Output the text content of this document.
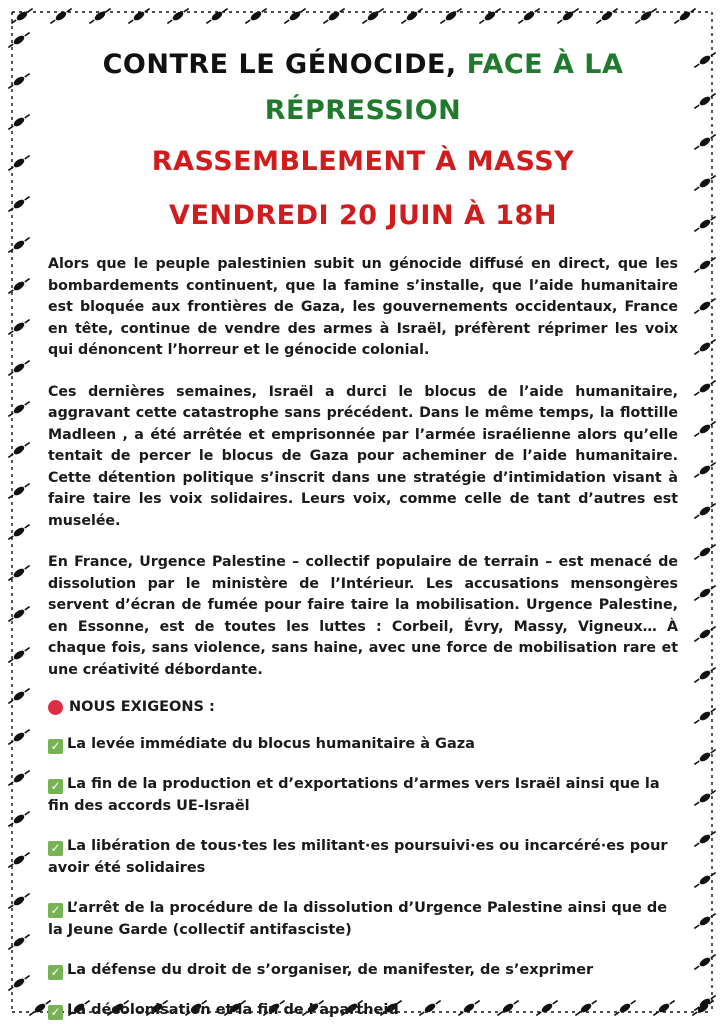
CONTRE LE GÉNOCIDE, FACE À LA RÉPRESSION

RASSEMBLEMENT À MASSY

VENDREDI 20 JUIN À 18H

Alors que le peuple palestinien subit un génocide diffusé en direct, que les bombardements continuent, que la famine s’installe, que l’aide humanitaire est bloquée aux frontières de Gaza, les gouvernements occidentaux, France en tête, continue de vendre des armes à Israël, préfèrent réprimer les voix qui dénoncent l’horreur et le génocide colonial.

Ces dernières semaines, Israël a durci le blocus de l’aide humanitaire, aggravant cette catastrophe sans précédent. Dans le même temps, la flottille Madleen , a été arrêtée et emprisonnée par l’armée israélienne alors qu’elle tentait de percer le blocus de Gaza pour acheminer de l’aide humanitaire. Cette détention politique s’inscrit dans une stratégie d’intimidation visant à faire taire les voix solidaires. Leurs voix, comme celle de tant d’autres est muselée.

En France, Urgence Palestine – collectif populaire de terrain – est menacé de dissolution par le ministère de l’Intérieur. Les accusations mensongères servent d’écran de fumée pour faire taire la mobilisation. Urgence Palestine, en Essonne, est de toutes les luttes : Corbeil, Évry, Massy, Vigneux… À chaque fois, sans violence, sans haine, avec une force de mobilisation rare et une créativité débordante.

NOUS EXIGEONS :
✓ La levée immédiate du blocus humanitaire à Gaza
✓ La fin de la production et d’exportations d’armes vers Israël ainsi que la fin des accords UE-Israël
✓ La libération de tous·tes les militant·es poursuivi·es ou incarcéré·es pour avoir été solidaires
✓ L’arrêt de la procédure de la dissolution d’Urgence Palestine ainsi que de la Jeune Garde (collectif antifasciste)
✓ La défense du droit de s’organiser, de manifester, de s’exprimer
✓ La décolonisation et la fin de l’apartheid
